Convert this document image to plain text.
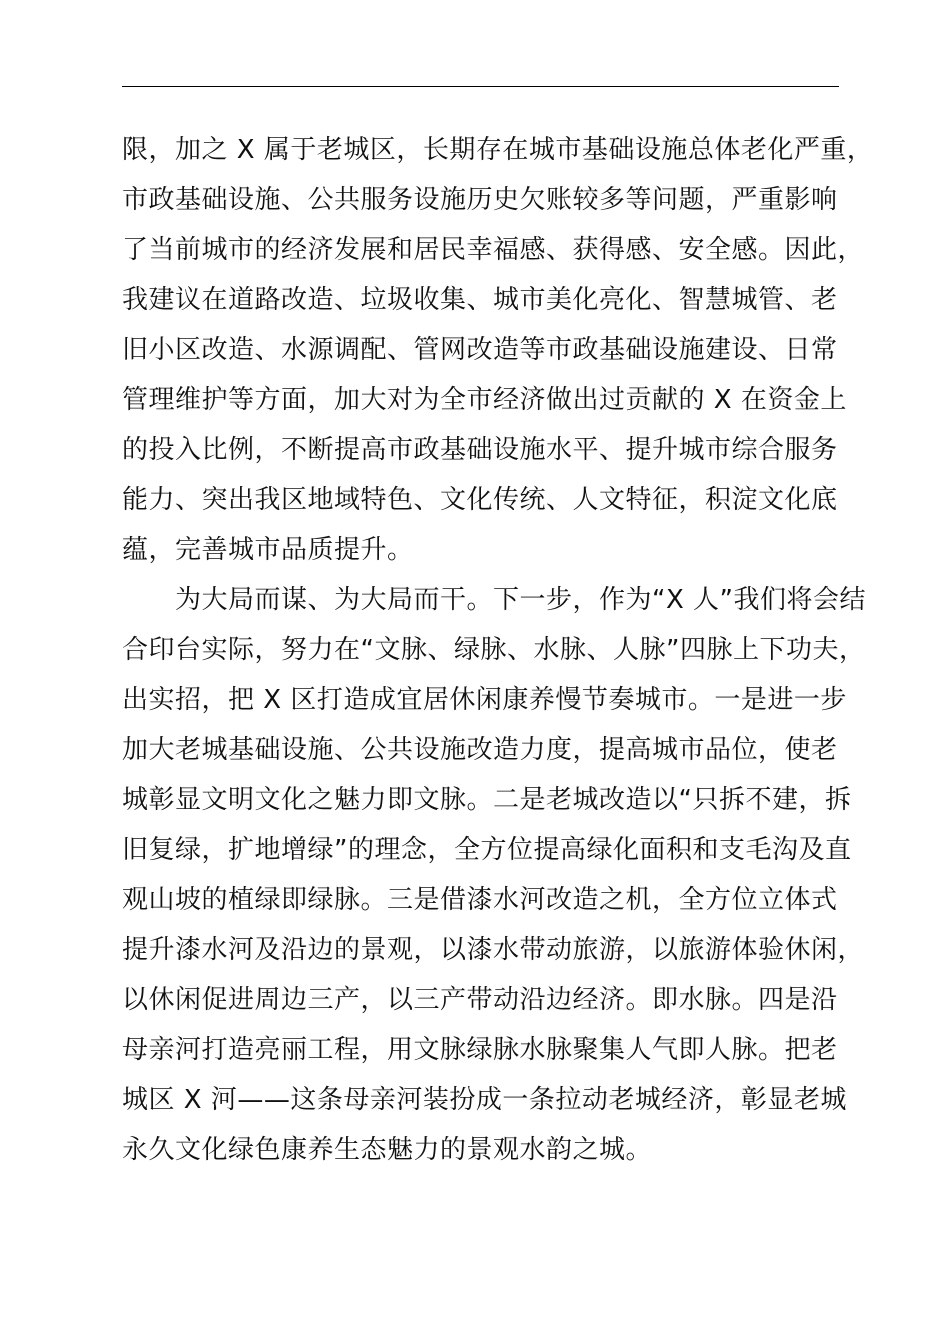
限，加之 X 属于老城区，长期存在城市基础设施总体老化严重，
市政基础设施、公共服务设施历史欠账较多等问题，严重影响
了当前城市的经济发展和居民幸福感、获得感、安全感。因此，
我建议在道路改造、垃圾收集、城市美化亮化、智慧城管、老
旧小区改造、水源调配、管网改造等市政基础设施建设、日常
管理维护等方面，加大对为全市经济做出过贡献的 X 在资金上
的投入比例，不断提高市政基础设施水平、提升城市综合服务
能力、突出我区地域特色、文化传统、人文特征，积淀文化底
蕴，完善城市品质提升。
　　为大局而谋、为大局而干。下一步，作为“X 人”我们将会结
合印台实际，努力在“文脉、绿脉、水脉、人脉”四脉上下功夫，
出实招，把 X 区打造成宜居休闲康养慢节奏城市。一是进一步
加大老城基础设施、公共设施改造力度，提高城市品位，使老
城彰显文明文化之魅力即文脉。二是老城改造以“只拆不建，拆
旧复绿，扩地增绿”的理念，全方位提高绿化面积和支毛沟及直
观山坡的植绿即绿脉。三是借漆水河改造之机，全方位立体式
提升漆水河及沿边的景观，以漆水带动旅游，以旅游体验休闲，
以休闲促进周边三产，以三产带动沿边经济。即水脉。四是沿
母亲河打造亮丽工程，用文脉绿脉水脉聚集人气即人脉。把老
城区 X 河——这条母亲河装扮成一条拉动老城经济，彰显老城
永久文化绿色康养生态魅力的景观水韵之城。
